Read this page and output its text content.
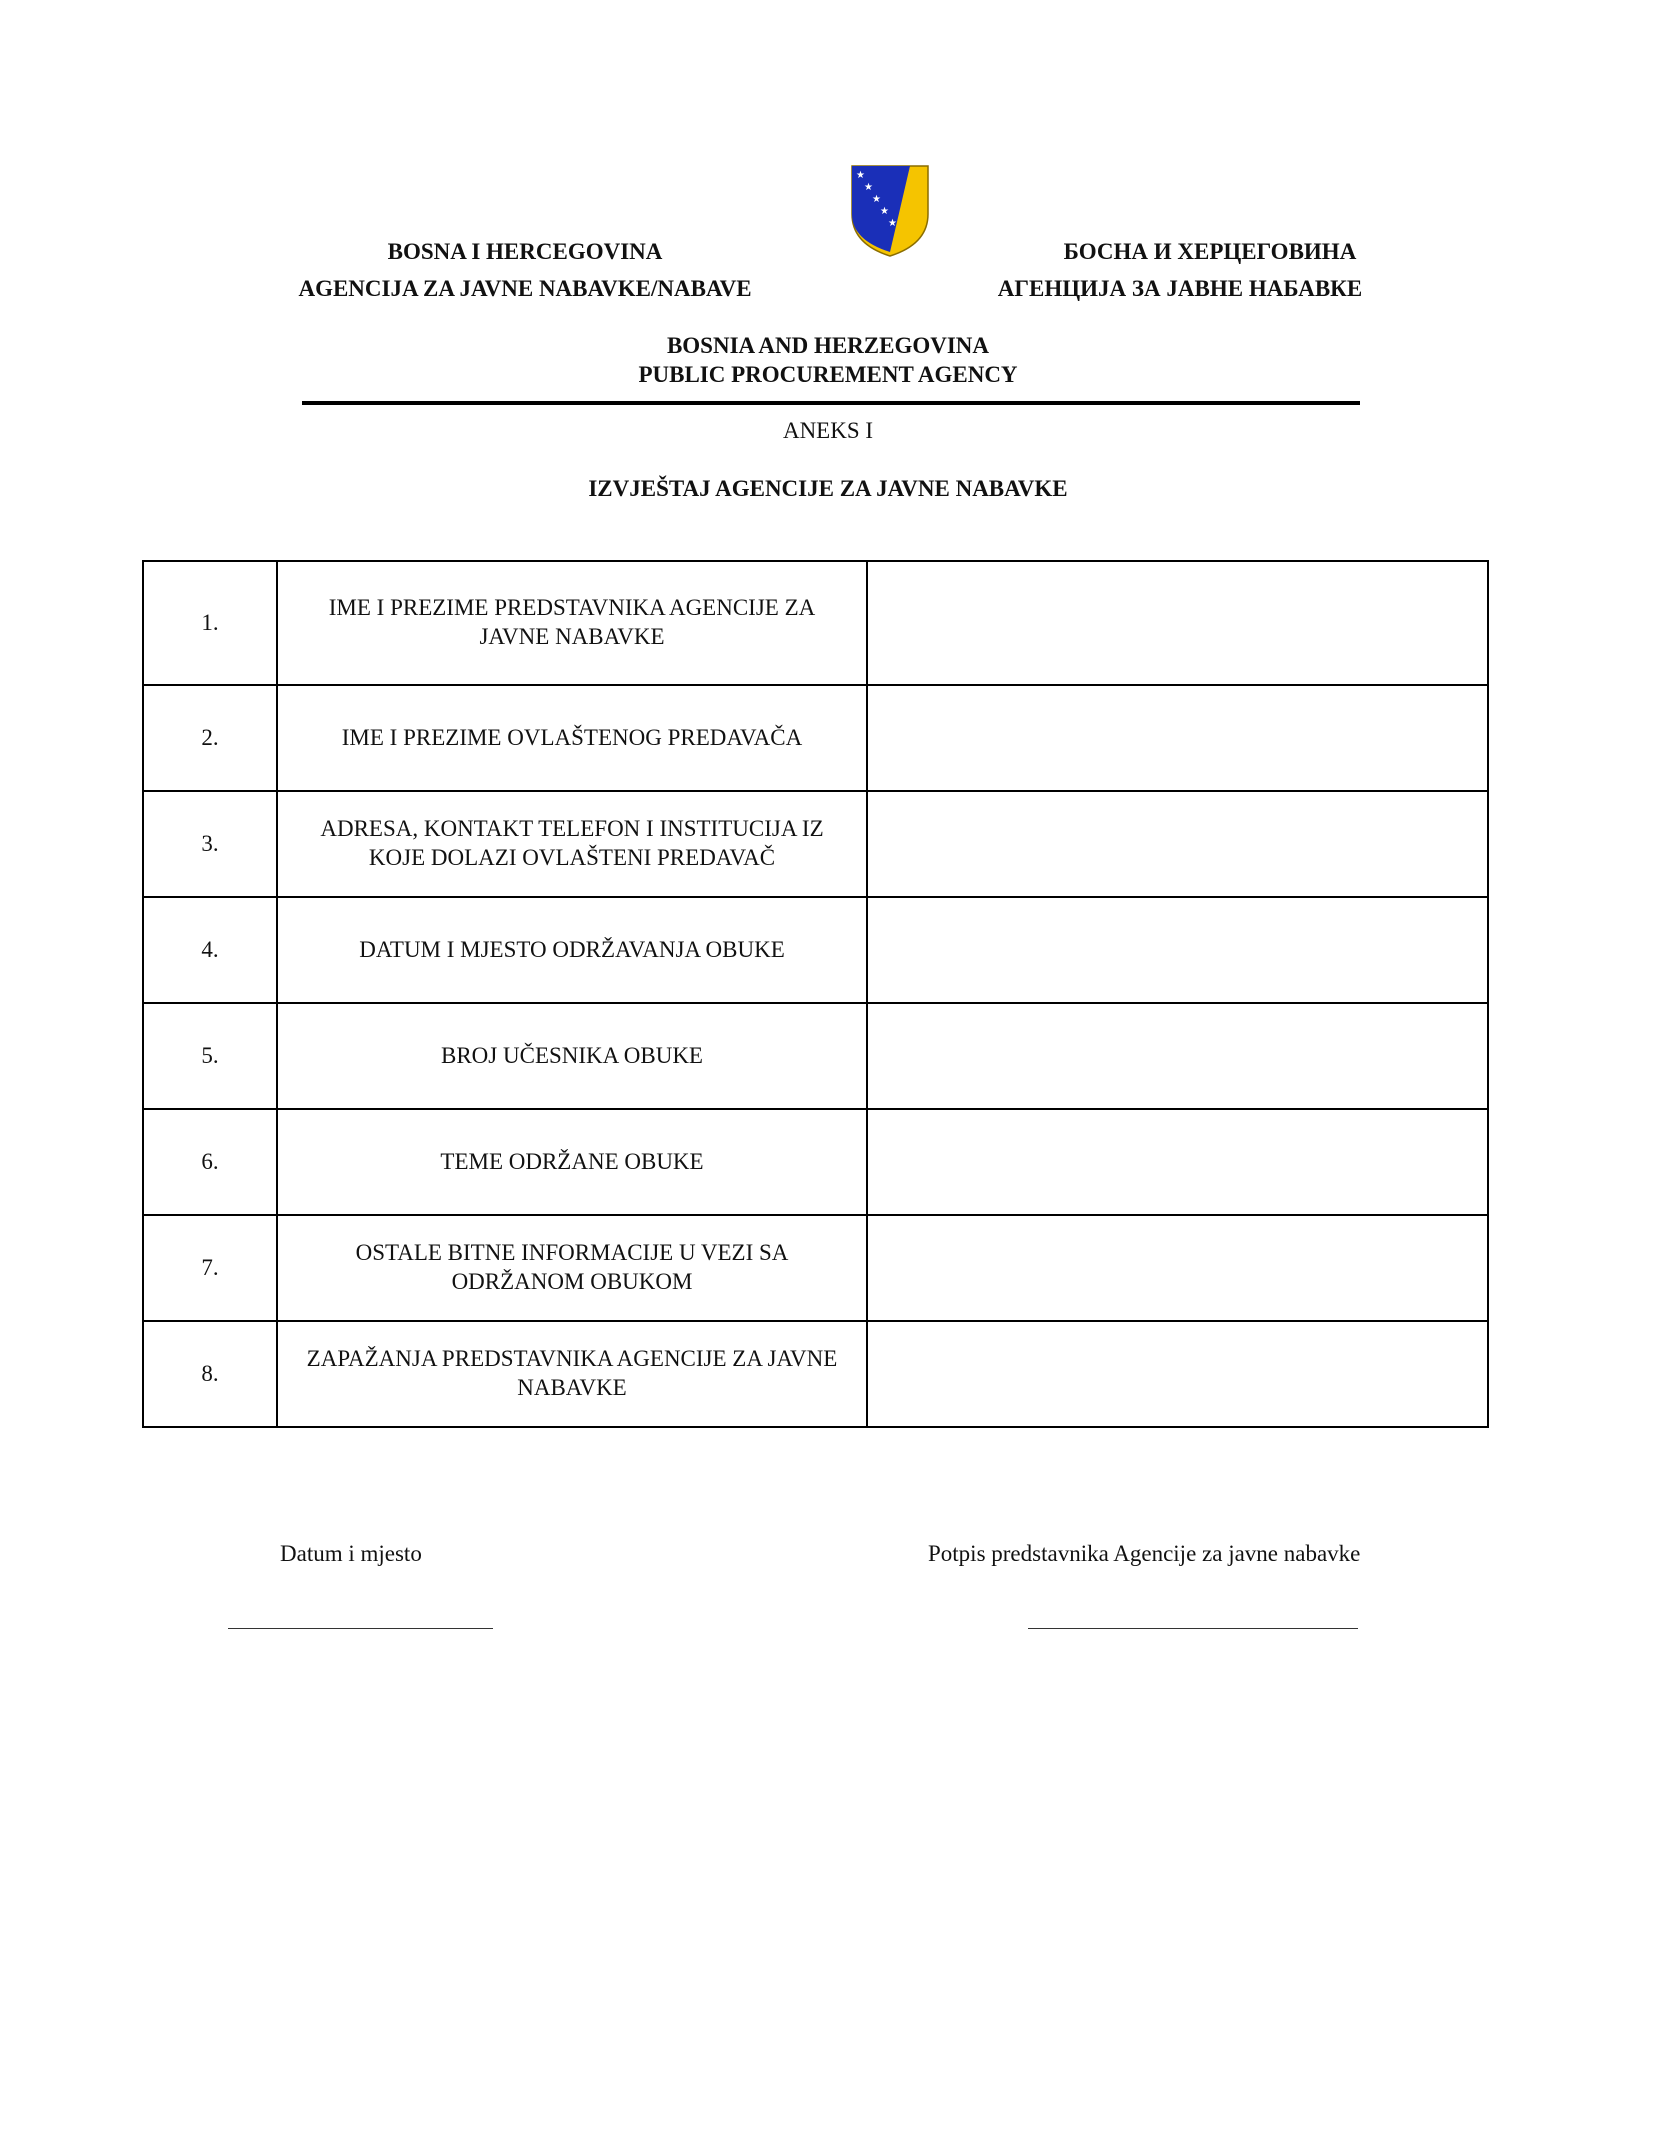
★
★
★
★
★
BOSNA I HERCEGOVINA
AGENCIJA ZA JAVNE NABAVKE/NABAVE
БОСНА И ХЕРЦЕГОВИНА
АГЕНЦИЈА ЗА ЈАВНЕ НАБАВКЕ
BOSNIA AND HERZEGOVINA
PUBLIC PROCUREMENT AGENCY
ANEKS I
IZVJEŠTAJ AGENCIJE ZA JAVNE NABAVKE
1.	IME I PREZIME PREDSTAVNIKA AGENCIJE ZA JAVNE NABAVKE	
2.	IME I PREZIME OVLAŠTENOG PREDAVAČA	
3.	ADRESA, KONTAKT TELEFON I INSTITUCIJA IZ KOJE DOLAZI OVLAŠTENI PREDAVAČ	
4.	DATUM I MJESTO ODRŽAVANJA OBUKE	
5.	BROJ UČESNIKA OBUKE	
6.	TEME ODRŽANE OBUKE	
7.	OSTALE BITNE INFORMACIJE U VEZI SA ODRŽANOM OBUKOM	
8.	ZAPAŽANJA PREDSTAVNIKA AGENCIJE ZA JAVNE NABAVKE	
Datum i mjesto	Potpis predstavnika Agencije za javne nabavke
